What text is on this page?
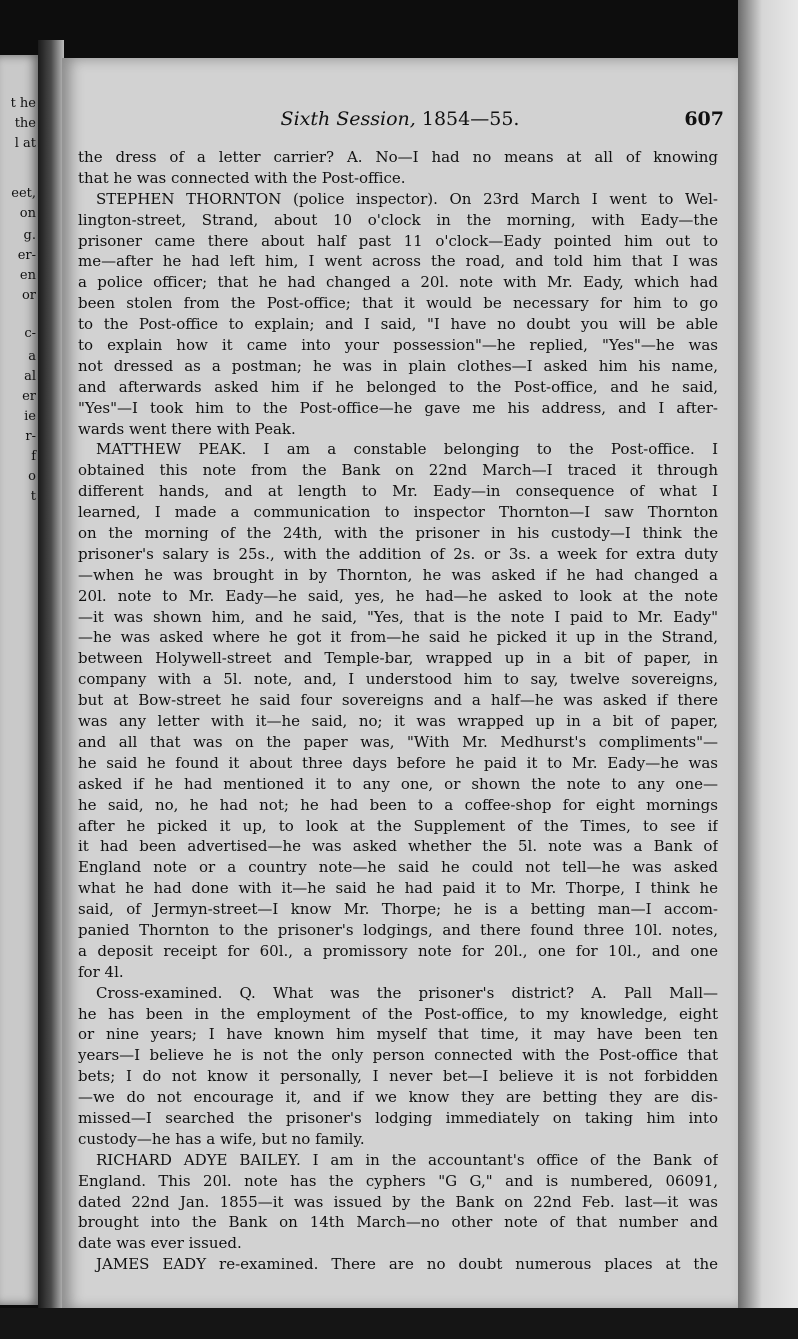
t he
the
l at
eet,
on
g.
er-
en
or
c-
a
al
er
ie
r-
f
o
t
Sixth Session, 1854—55.	607
the dress of a letter carrier? A. No—I had no means at all of knowing
that he was connected with the Post-office.
STEPHEN THORNTON (police inspector). On 23rd March I went to Wel-
lington-street, Strand, about 10 o'clock in the morning, with Eady—the
prisoner came there about half past 11 o'clock—Eady pointed him out to
me—after he had left him, I went across the road, and told him that I was
a police officer; that he had changed a 20l. note with Mr. Eady, which had
been stolen from the Post-office; that it would be necessary for him to go
to the Post-office to explain; and I said, "I have no doubt you will be able
to explain how it came into your possession"—he replied, "Yes"—he was
not dressed as a postman; he was in plain clothes—I asked him his name,
and afterwards asked him if he belonged to the Post-office, and he said,
"Yes"—I took him to the Post-office—he gave me his address, and I after-
wards went there with Peak.
MATTHEW PEAK. I am a constable belonging to the Post-office. I
obtained this note from the Bank on 22nd March—I traced it through
different hands, and at length to Mr. Eady—in consequence of what I
learned, I made a communication to inspector Thornton—I saw Thornton
on the morning of the 24th, with the prisoner in his custody—I think the
prisoner's salary is 25s., with the addition of 2s. or 3s. a week for extra duty
—when he was brought in by Thornton, he was asked if he had changed a
20l. note to Mr. Eady—he said, yes, he had—he asked to look at the note
—it was shown him, and he said, "Yes, that is the note I paid to Mr. Eady"
—he was asked where he got it from—he said he picked it up in the Strand,
between Holywell-street and Temple-bar, wrapped up in a bit of paper, in
company with a 5l. note, and, I understood him to say, twelve sovereigns,
but at Bow-street he said four sovereigns and a half—he was asked if there
was any letter with it—he said, no; it was wrapped up in a bit of paper,
and all that was on the paper was, "With Mr. Medhurst's compliments"—
he said he found it about three days before he paid it to Mr. Eady—he was
asked if he had mentioned it to any one, or shown the note to any one—
he said, no, he had not; he had been to a coffee-shop for eight mornings
after he picked it up, to look at the Supplement of the Times, to see if
it had been advertised—he was asked whether the 5l. note was a Bank of
England note or a country note—he said he could not tell—he was asked
what he had done with it—he said he had paid it to Mr. Thorpe, I think he
said, of Jermyn-street—I know Mr. Thorpe; he is a betting man—I accom-
panied Thornton to the prisoner's lodgings, and there found three 10l. notes,
a deposit receipt for 60l., a promissory note for 20l., one for 10l., and one
for 4l.
Cross-examined. Q. What was the prisoner's district? A. Pall Mall—
he has been in the employment of the Post-office, to my knowledge, eight
or nine years; I have known him myself that time, it may have been ten
years—I believe he is not the only person connected with the Post-office that
bets; I do not know it personally, I never bet—I believe it is not forbidden
—we do not encourage it, and if we know they are betting they are dis-
missed—I searched the prisoner's lodging immediately on taking him into
custody—he has a wife, but no family.
RICHARD ADYE BAILEY. I am in the accountant's office of the Bank of
England. This 20l. note has the cyphers "G G," and is numbered, 06091,
dated 22nd Jan. 1855—it was issued by the Bank on 22nd Feb. last—it was
brought into the Bank on 14th March—no other note of that number and
date was ever issued.
JAMES EADY re-examined. There are no doubt numerous places at the
